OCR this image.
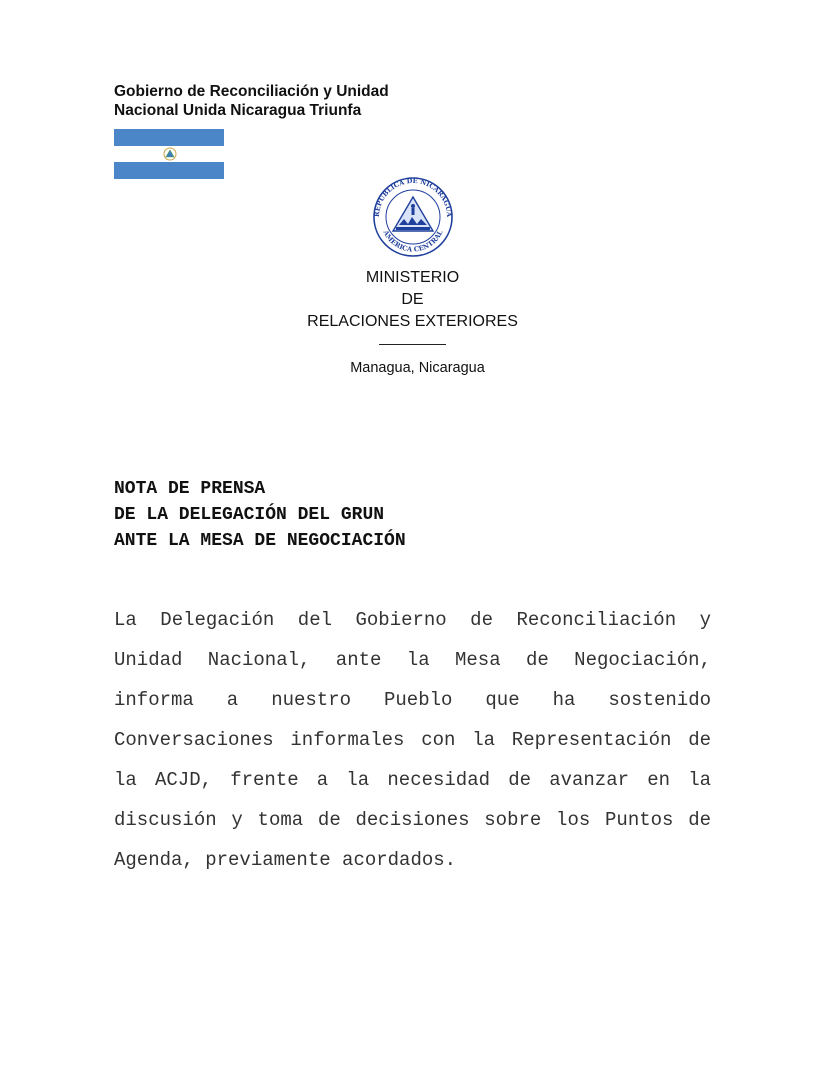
Gobierno de Reconciliación y Unidad
Nacional Unida Nicaragua Triunfa
REPUBLICA DE NICARAGUA
AMERICA CENTRAL
MINISTERIO
DE
RELACIONES EXTERIORES
Managua, Nicaragua
NOTA DE PRENSA
DE LA DELEGACIÓN DEL GRUN
ANTE LA MESA DE NEGOCIACIÓN
La Delegación del Gobierno de Reconciliación y Unidad Nacional, ante la Mesa de Negociación, informa a nuestro Pueblo que ha sostenido Conversaciones informales con la Representación de la ACJD, frente a la necesidad de avanzar en la discusión y toma de decisiones sobre los Puntos de Agenda, previamente acordados.
